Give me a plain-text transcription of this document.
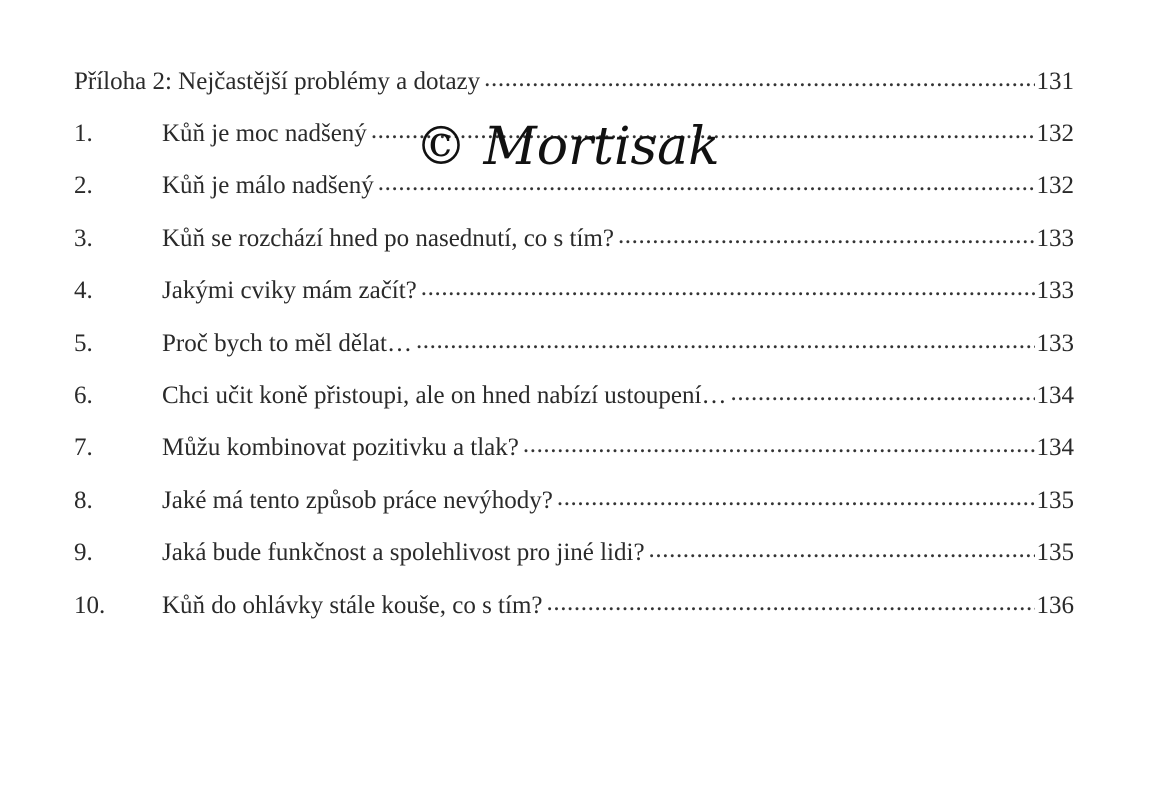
Příloha 2: Nejčastější problémy a dotazy .....	131
1.	Kůň je moc nadšený .....	132
2.	Kůň je málo nadšený .....	132
3.	Kůň se rozchází hned po nasednutí, co s tím? .....	133
4.	Jakými cviky mám začít? .....	133
5.	Proč bych to měl dělat… .....	133
6.	Chci učit koně přistoupi, ale on hned nabízí ustoupení… .....	134
7.	Můžu kombinovat pozitivku a tlak? .....	134
8.	Jaké má tento způsob práce nevýhody? .....	135
9.	Jaká bude funkčnost a spolehlivost pro jiné lidi? .....	135
10.	Kůň do ohlávky stále kouše, co s tím? .....	136
© Mortisak
